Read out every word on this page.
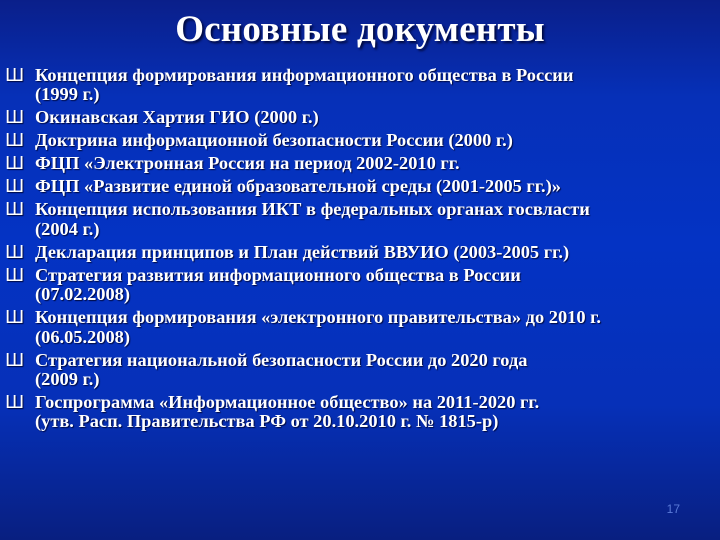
Основные документы
Ш Концепция формирования информационного общества в России
(1999 г.)
Ш Окинавская Хартия ГИО (2000 г.)
Ш Доктрина информационной безопасности России (2000 г.)
Ш ФЦП «Электронная Россия на период 2002-2010 гг.
Ш ФЦП «Развитие единой образовательной среды (2001-2005 гг.)»
Ш Концепция использования ИКТ в федеральных органах госвласти
(2004 г.)
Ш Декларация принципов и План действий ВВУИО (2003-2005 гг.)
Ш Стратегия развития информационного общества в России
(07.02.2008)
Ш Концепция формирования «электронного правительства» до 2010 г.
(06.05.2008)
Ш Стратегия национальной безопасности России до 2020 года
(2009 г.)
Ш Госпрограмма «Информационное общество» на 2011-2020 гг.
(утв. Расп. Правительства РФ от 20.10.2010 г. № 1815-р)
17
